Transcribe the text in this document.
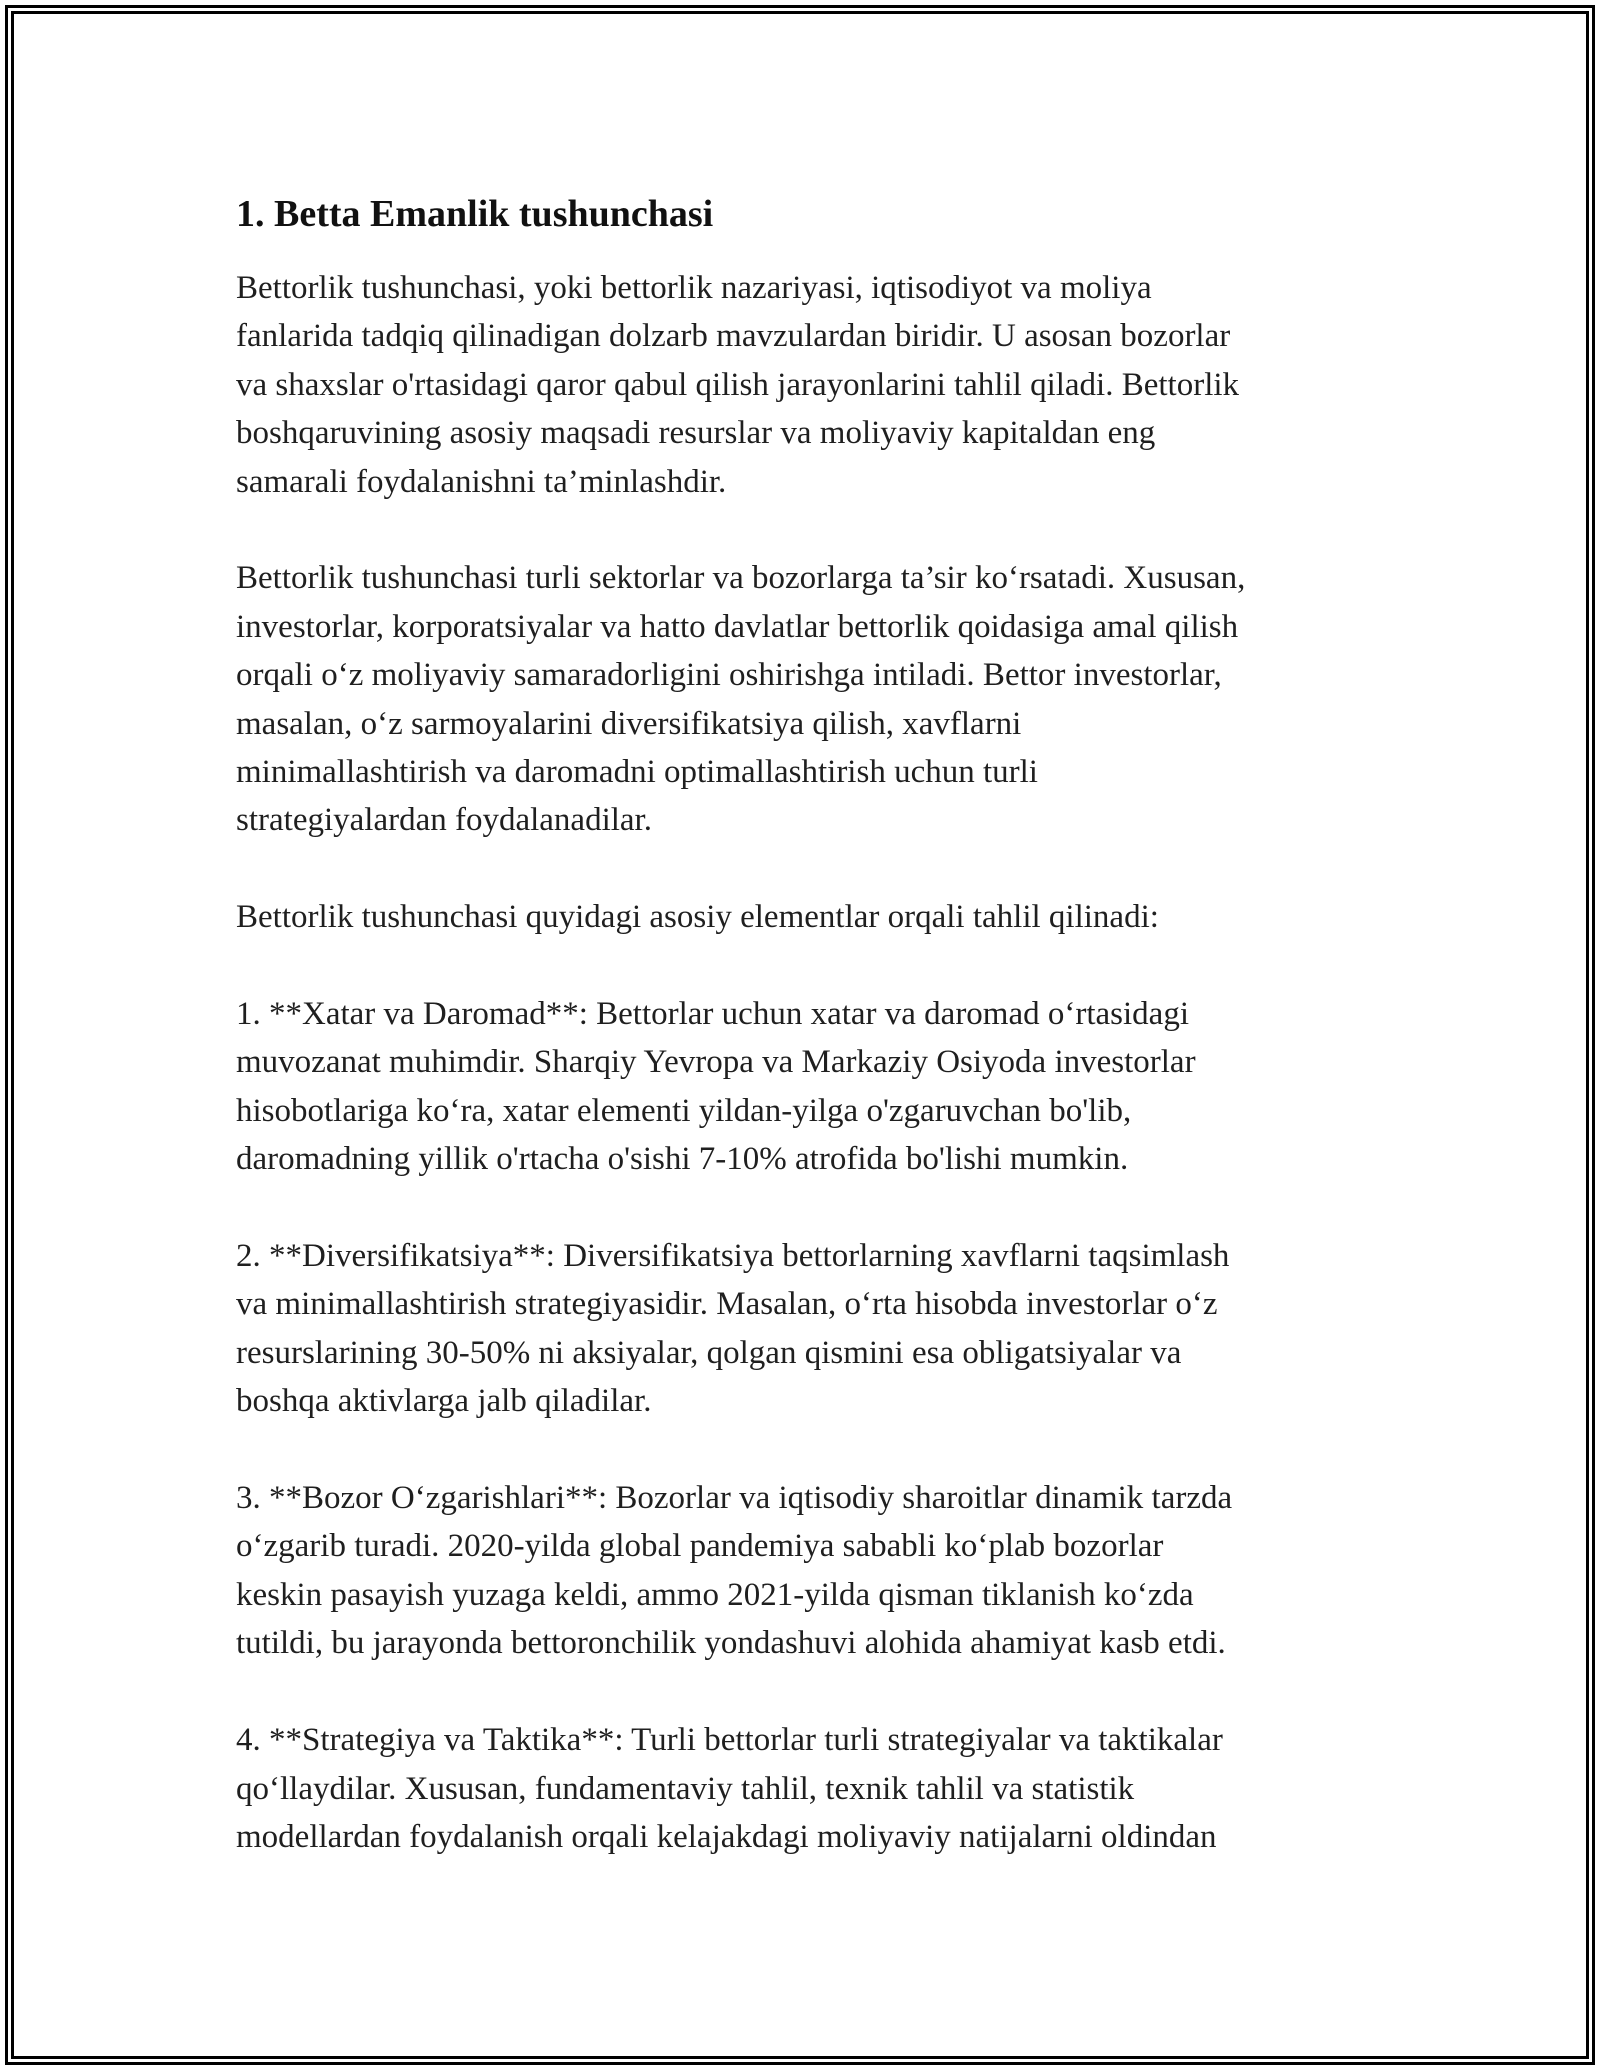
1. Betta Emanlik tushunchasi

Bettorlik tushunchasi, yoki bettorlik nazariyasi, iqtisodiyot va moliya
fanlarida tadqiq qilinadigan dolzarb mavzulardan biridir. U asosan bozorlar
va shaxslar o'rtasidagi qaror qabul qilish jarayonlarini tahlil qiladi. Bettorlik
boshqaruvining asosiy maqsadi resurslar va moliyaviy kapitaldan eng
samarali foydalanishni ta’minlashdir.

Bettorlik tushunchasi turli sektorlar va bozorlarga ta’sir ko‘rsatadi. Xususan,
investorlar, korporatsiyalar va hatto davlatlar bettorlik qoidasiga amal qilish
orqali o‘z moliyaviy samaradorligini oshirishga intiladi. Bettor investorlar,
masalan, o‘z sarmoyalarini diversifikatsiya qilish, xavflarni
minimallashtirish va daromadni optimallashtirish uchun turli
strategiyalardan foydalanadilar.

Bettorlik tushunchasi quyidagi asosiy elementlar orqali tahlil qilinadi:

1. **Xatar va Daromad**: Bettorlar uchun xatar va daromad o‘rtasidagi
muvozanat muhimdir. Sharqiy Yevropa va Markaziy Osiyoda investorlar
hisobotlariga ko‘ra, xatar elementi yildan-yilga o'zgaruvchan bo'lib,
daromadning yillik o'rtacha o'sishi 7-10% atrofida bo'lishi mumkin.

2. **Diversifikatsiya**: Diversifikatsiya bettorlarning xavflarni taqsimlash
va minimallashtirish strategiyasidir. Masalan, o‘rta hisobda investorlar o‘z
resurslarining 30-50% ni aksiyalar, qolgan qismini esa obligatsiyalar va
boshqa aktivlarga jalb qiladilar.

3. **Bozor O‘zgarishlari**: Bozorlar va iqtisodiy sharoitlar dinamik tarzda
o‘zgarib turadi. 2020-yilda global pandemiya sababli ko‘plab bozorlar
keskin pasayish yuzaga keldi, ammo 2021-yilda qisman tiklanish ko‘zda
tutildi, bu jarayonda bettoronchilik yondashuvi alohida ahamiyat kasb etdi.

4. **Strategiya va Taktika**: Turli bettorlar turli strategiyalar va taktikalar
qo‘llaydilar. Xususan, fundamentaviy tahlil, texnik tahlil va statistik
modellardan foydalanish orqali kelajakdagi moliyaviy natijalarni oldindan
